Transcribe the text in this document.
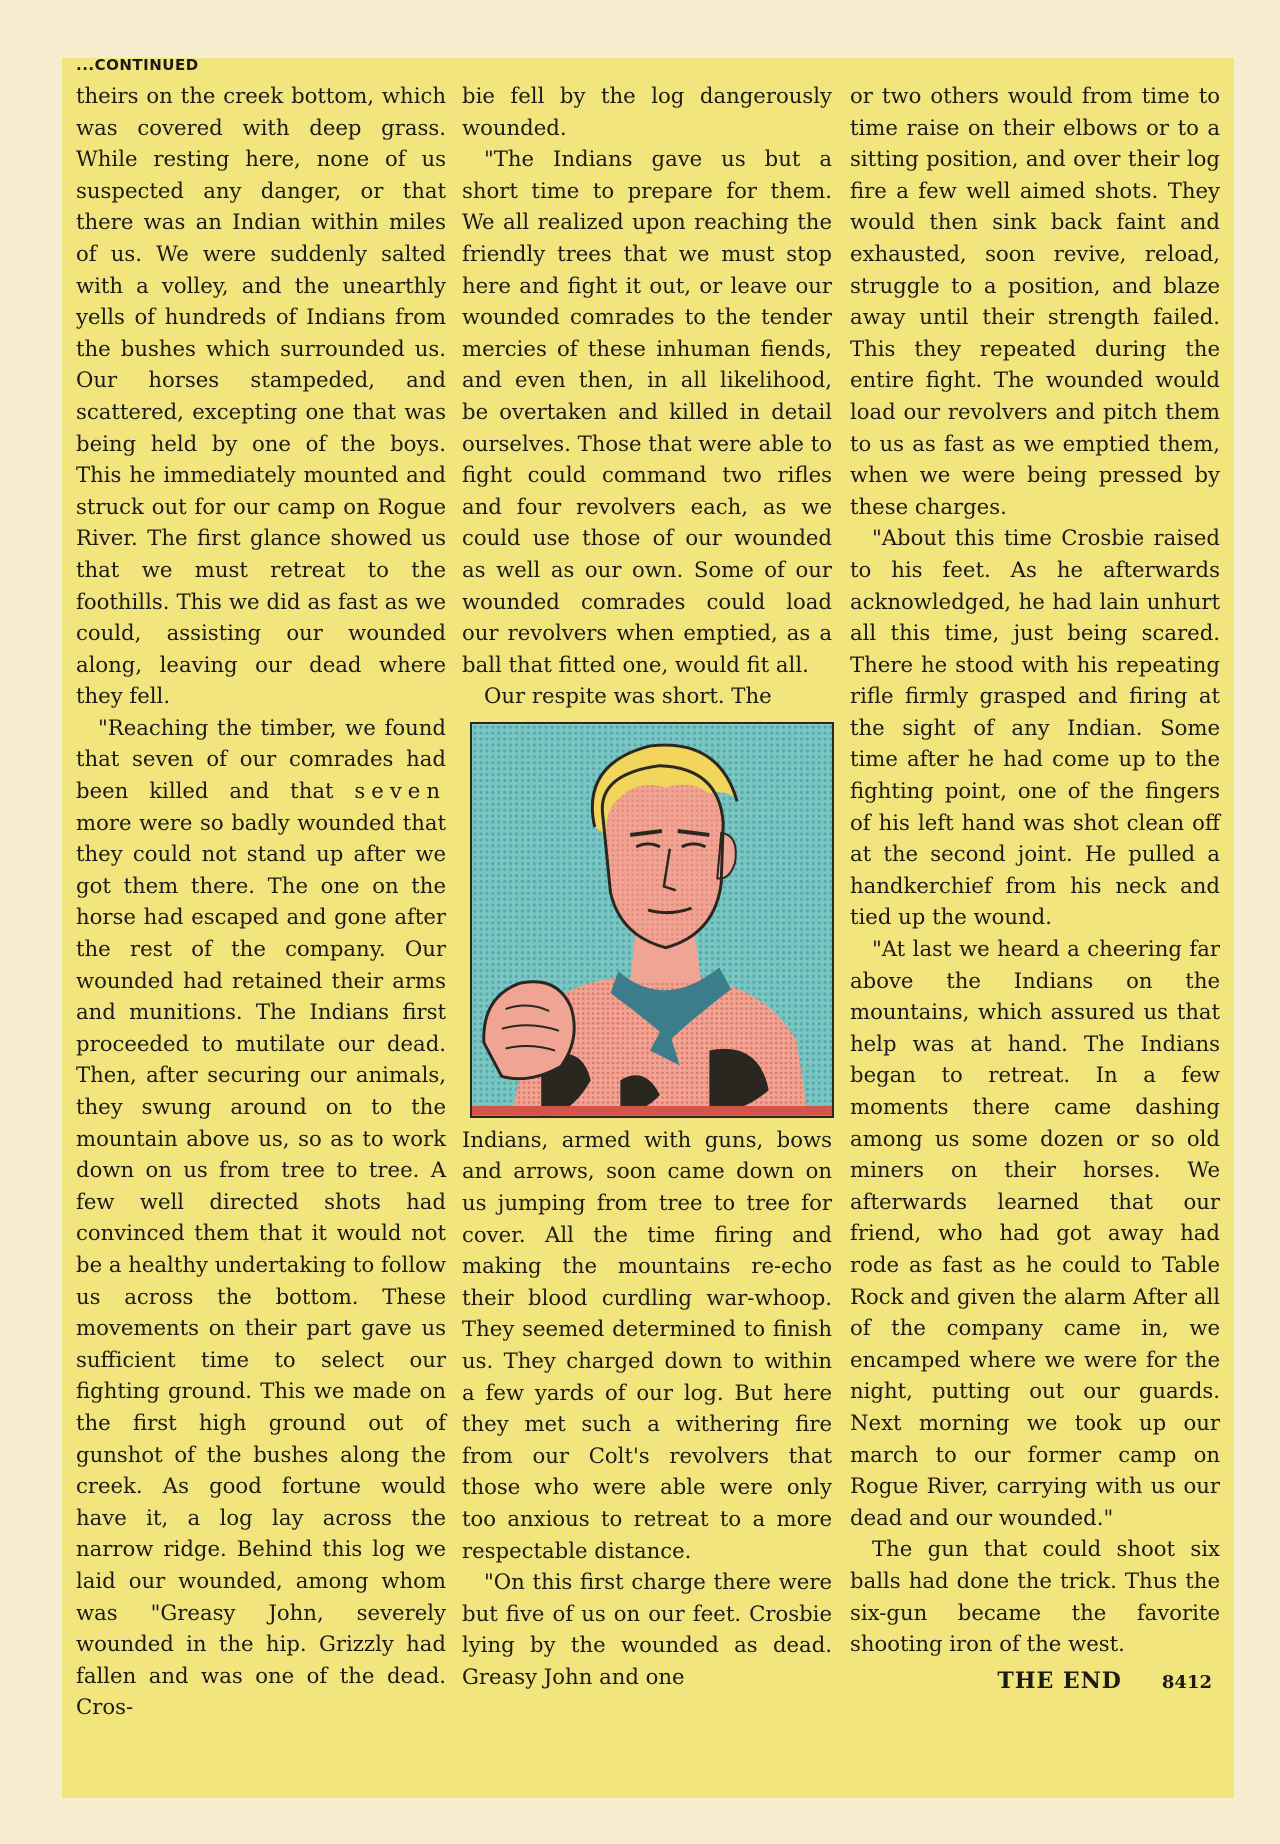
...CONTINUED

theirs on the creek bottom, which was covered with deep grass. While resting here, none of us suspected any danger, or that there was an Indian within miles of us. We were suddenly salted with a volley, and the unearthly yells of hundreds of Indians from the bushes which surrounded us. Our horses stampeded, and scattered, excepting one that was being held by one of the boys. This he immediately mounted and struck out for our camp on Rogue River. The first glance showed us that we must retreat to the foothills. This we did as fast as we could, assisting our wounded along, leaving our dead where they fell.

"Reaching the timber, we found that seven of our comrades had been killed and that seven more were so badly wounded that they could not stand up after we got them there. The one on the horse had escaped and gone after the rest of the company. Our wounded had retained their arms and munitions. The Indians first proceeded to mutilate our dead. Then, after securing our animals, they swung around on to the mountain above us, so as to work down on us from tree to tree. A few well directed shots had convinced them that it would not be a healthy undertaking to follow us across the bottom. These movements on their part gave us sufficient time to select our fighting ground. This we made on the first high ground out of gunshot of the bushes along the creek. As good fortune would have it, a log lay across the narrow ridge. Behind this log we laid our wounded, among whom was "Greasy John, severely wounded in the hip. Grizzly had fallen and was one of the dead. Cros-

bie fell by the log dangerously wounded.

"The Indians gave us but a short time to prepare for them. We all realized upon reaching the friendly trees that we must stop here and fight it out, or leave our wounded comrades to the tender mercies of these inhuman fiends, and even then, in all likelihood, be overtaken and killed in detail ourselves. Those that were able to fight could command two rifles and four revolvers each, as we could use those of our wounded as well as our own. Some of our wounded comrades could load our revolvers when emptied, as a ball that fitted one, would fit all.

Our respite was short. The

Indians, armed with guns, bows and arrows, soon came down on us jumping from tree to tree for cover. All the time firing and making the mountains re-echo their blood curdling war-whoop. They seemed determined to finish us. They charged down to within a few yards of our log. But here they met such a withering fire from our Colt's revolvers that those who were able were only too anxious to retreat to a more respectable distance.

"On this first charge there were but five of us on our feet. Crosbie lying by the wounded as dead. Greasy John and one

or two others would from time to time raise on their elbows or to a sitting position, and over their log fire a few well aimed shots. They would then sink back faint and exhausted, soon revive, reload, struggle to a position, and blaze away until their strength failed. This they repeated during the entire fight. The wounded would load our revolvers and pitch them to us as fast as we emptied them, when we were being pressed by these charges.

"About this time Crosbie raised to his feet. As he afterwards acknowledged, he had lain unhurt all this time, just being scared. There he stood with his repeating rifle firmly grasped and firing at the sight of any Indian. Some time after he had come up to the fighting point, one of the fingers of his left hand was shot clean off at the second joint. He pulled a handkerchief from his neck and tied up the wound.

"At last we heard a cheering far above the Indians on the mountains, which assured us that help was at hand. The Indians began to retreat. In a few moments there came dashing among us some dozen or so old miners on their horses. We afterwards learned that our friend, who had got away had rode as fast as he could to Table Rock and given the alarm After all of the company came in, we encamped where we were for the night, putting out our guards. Next morning we took up our march to our former camp on Rogue River, carrying with us our dead and our wounded."

The gun that could shoot six balls had done the trick. Thus the six-gun became the favorite shooting iron of the west.

THE END 8412
